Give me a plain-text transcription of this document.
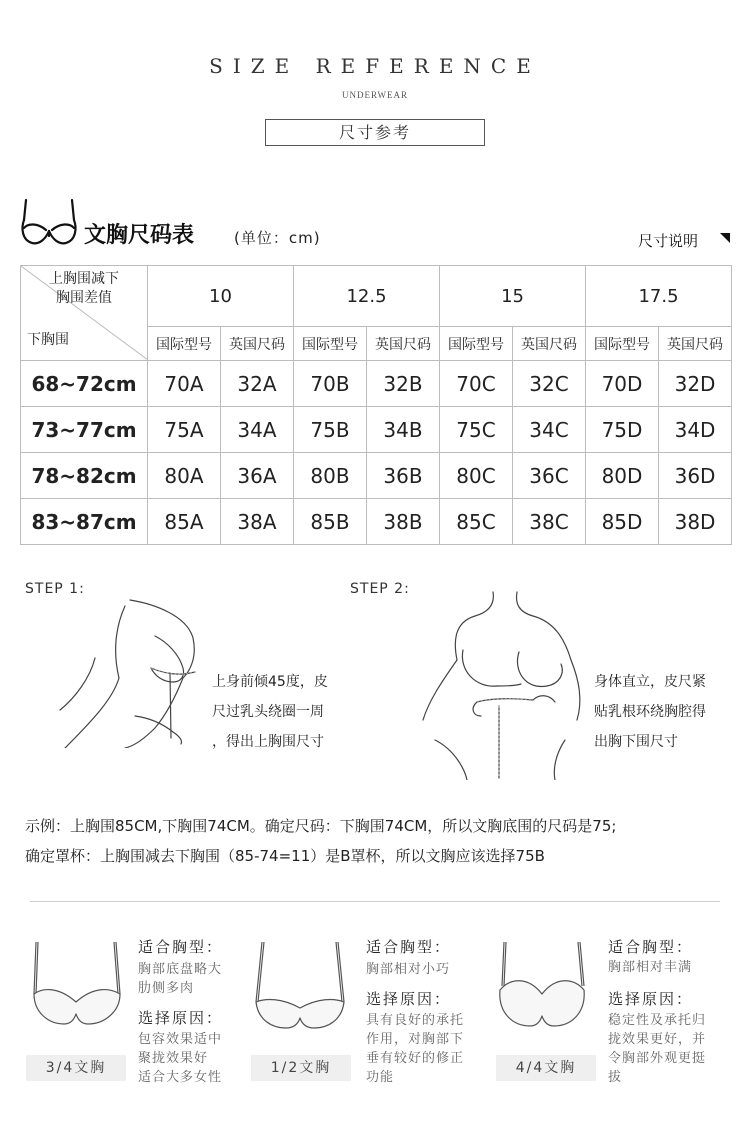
SIZE REFERENCE
UNDERWEAR
尺寸参考
文胸尺码表	(单位：cm)	尺寸说明
上胸围减下
胸围差值
下胸围	10		12.5		15		17.5	
	国际型号	英国尺码	国际型号	英国尺码	国际型号	英国尺码	国际型号	英国尺码
68~72cm	70A	32A	70B	32B	70C	32C	70D	32D
73~77cm	75A	34A	75B	34B	75C	34C	75D	34D
78~82cm	80A	36A	80B	36B	80C	36C	80D	36D
83~87cm	85A	38A	85B	38B	85C	38C	85D	38D
STEP 1:
上身前倾45度，皮
尺过乳头绕圈一周
，得出上胸围尺寸
STEP 2:
身体直立，皮尺紧
贴乳根环绕胸腔得
出胸下围尺寸
示例：上胸围85CM,下胸围74CM。确定尺码：下胸围74CM，所以文胸底围的尺码是75;
确定罩杯：上胸围减去下胸围（85-74=11）是B罩杯，所以文胸应该选择75B
3/4文胸
适合胸型：
胸部底盘略大
肋侧多肉
选择原因：
包容效果适中
聚拢效果好
适合大多女性
1/2文胸
适合胸型：
胸部相对小巧
选择原因：
具有良好的承托
作用，对胸部下
垂有较好的修正
功能
4/4文胸
适合胸型：
胸部相对丰满
选择原因：
稳定性及承托归
拢效果更好，并
令胸部外观更挺
拔
